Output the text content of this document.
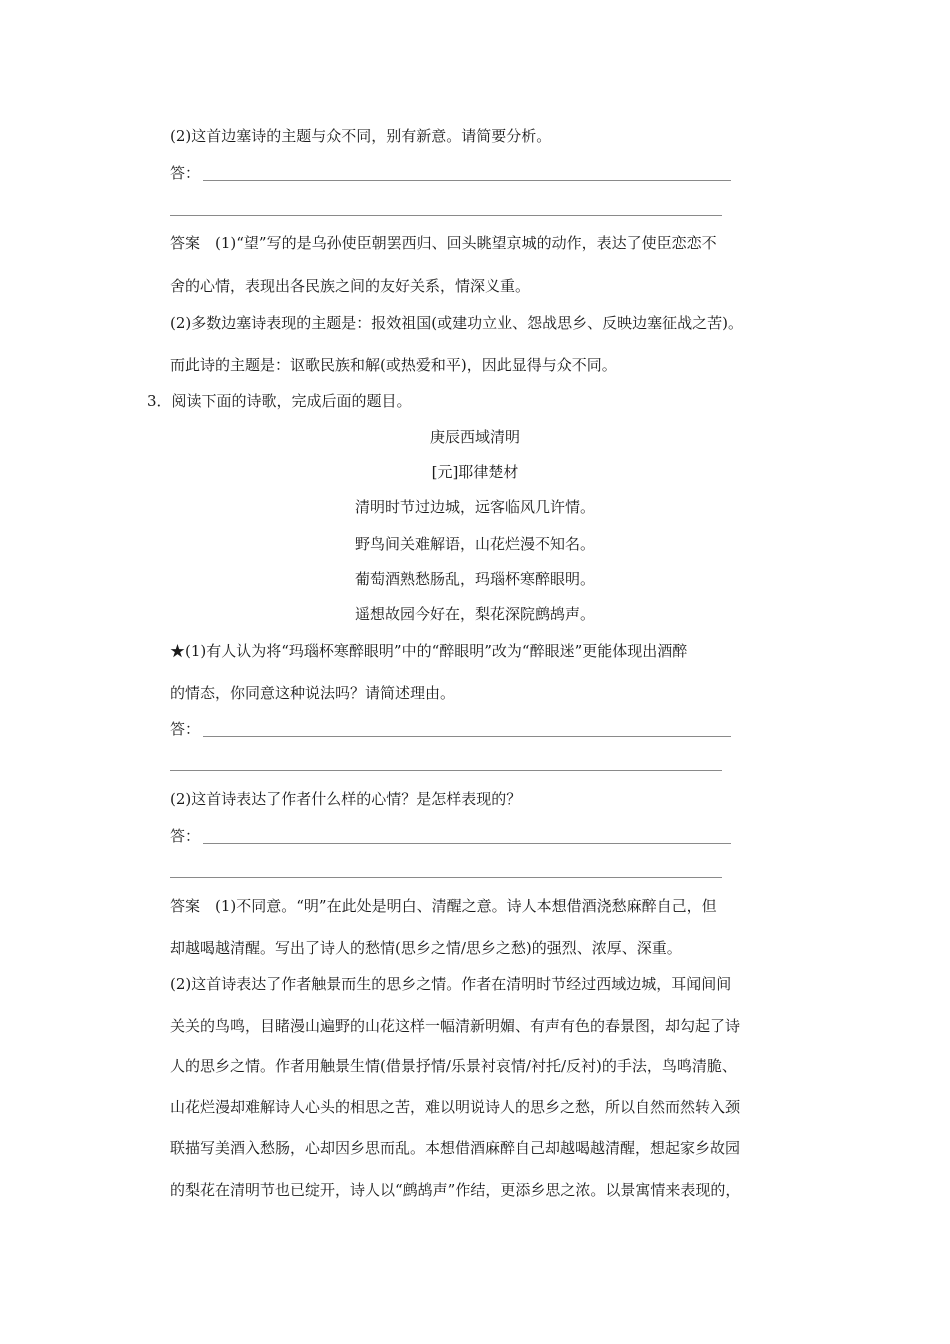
(2)这首边塞诗的主题与众不同，别有新意。请简要分析。
答：
答案　(1)“望”写的是乌孙使臣朝罢西归、回头眺望京城的动作，表达了使臣恋恋不
舍的心情，表现出各民族之间的友好关系，情深义重。
(2)多数边塞诗表现的主题是：报效祖国(或建功立业、怨战思乡、反映边塞征战之苦)。
而此诗的主题是：讴歌民族和解(或热爱和平)，因此显得与众不同。
3．阅读下面的诗歌，完成后面的题目。
庚辰西域清明
[元]耶律楚材
清明时节过边城，远客临风几许情。
野鸟间关难解语，山花烂漫不知名。
葡萄酒熟愁肠乱，玛瑙杯寒醉眼明。
遥想故园今好在，梨花深院鹧鸪声。
★(1)有人认为将“玛瑙杯寒醉眼明”中的“醉眼明”改为“醉眼迷”更能体现出酒醉
的情态，你同意这种说法吗？请简述理由。
答：
(2)这首诗表达了作者什么样的心情？是怎样表现的？
答：
答案　(1)不同意。“明”在此处是明白、清醒之意。诗人本想借酒浇愁麻醉自己，但
却越喝越清醒。写出了诗人的愁情(思乡之情/思乡之愁)的强烈、浓厚、深重。
(2)这首诗表达了作者触景而生的思乡之情。作者在清明时节经过西域边城，耳闻间间
关关的鸟鸣，目睹漫山遍野的山花这样一幅清新明媚、有声有色的春景图，却勾起了诗
人的思乡之情。作者用触景生情(借景抒情/乐景衬哀情/衬托/反衬)的手法，鸟鸣清脆、
山花烂漫却难解诗人心头的相思之苦，难以明说诗人的思乡之愁，所以自然而然转入颈
联描写美酒入愁肠，心却因乡思而乱。本想借酒麻醉自己却越喝越清醒，想起家乡故园
的梨花在清明节也已绽开，诗人以“鹧鸪声”作结，更添乡思之浓。以景寓情来表现的，
